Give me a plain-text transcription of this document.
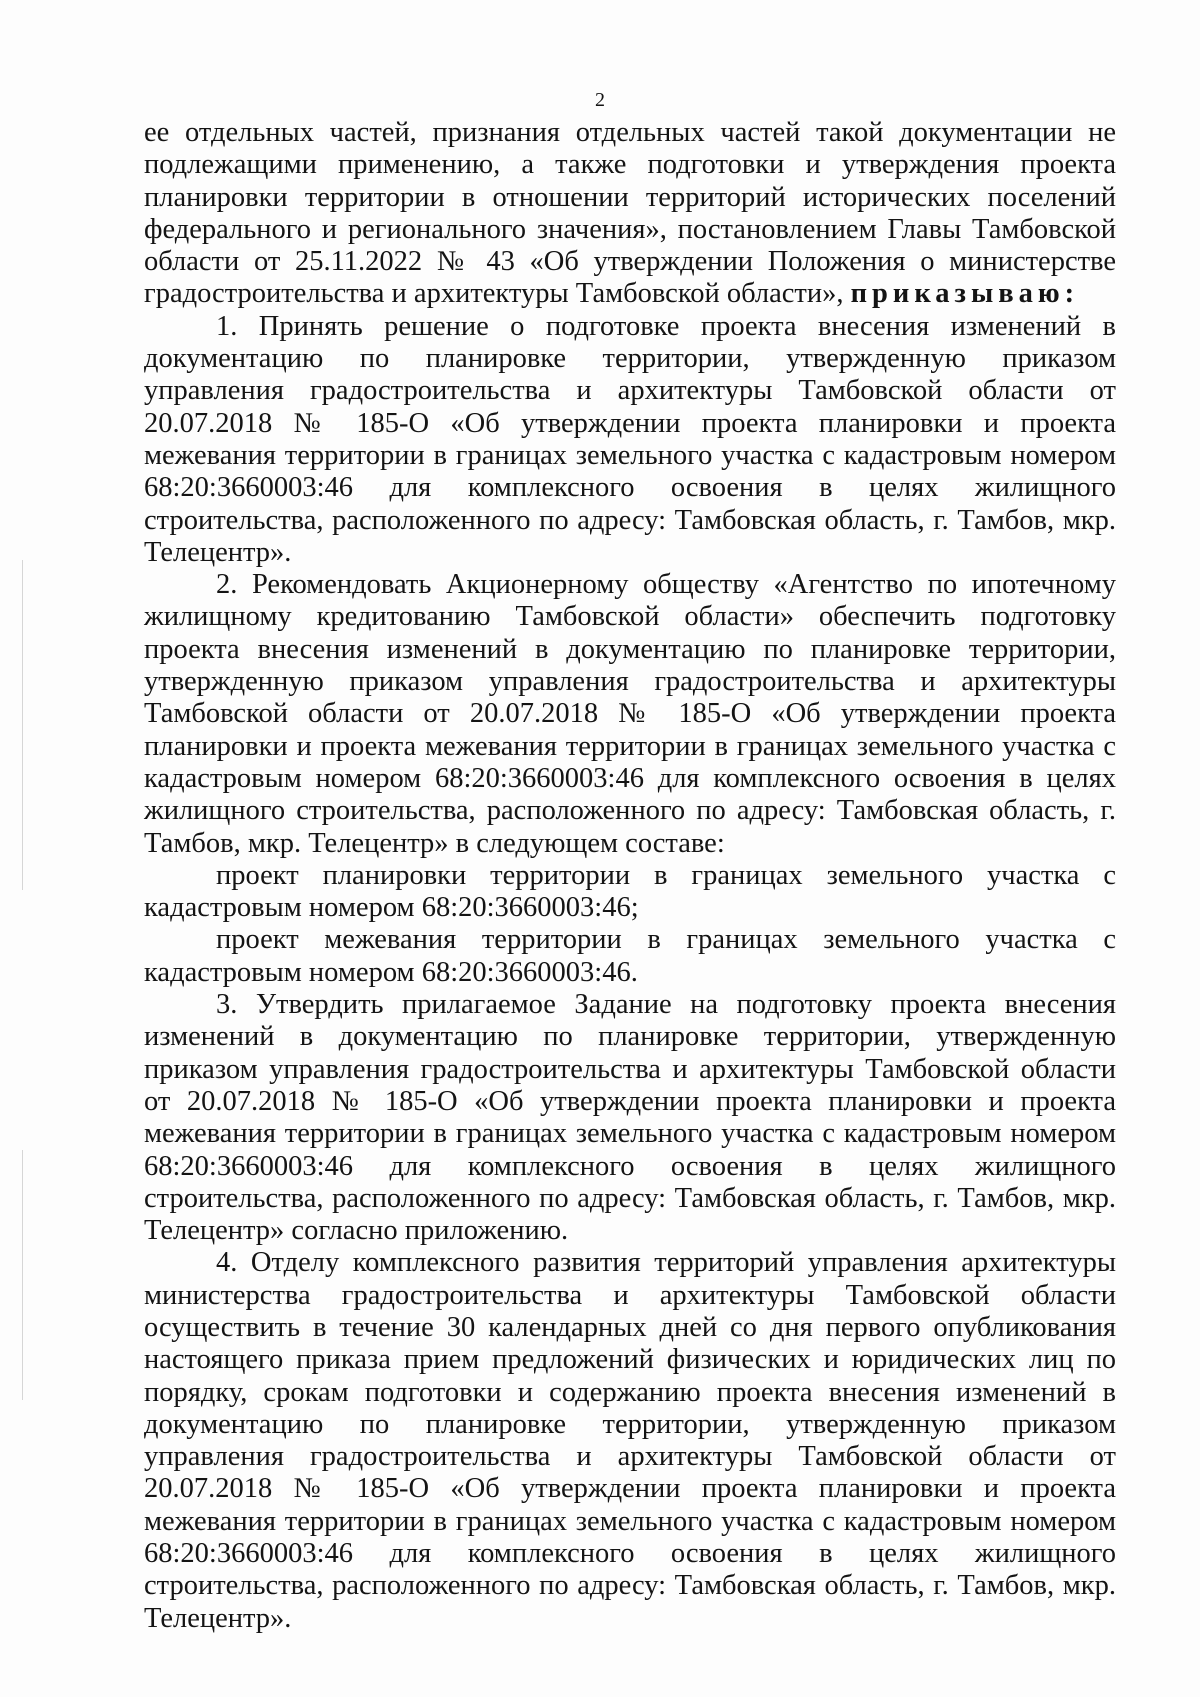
2

ее отдельных частей, признания отдельных частей такой документации не подлежащими применению, а также подготовки и утверждения проекта планировки территории в отношении территорий исторических поселений федерального и регионального значения», постановлением Главы Тамбовской области от 25.11.2022 № 43 «Об утверждении Положения о министерстве градостроительства и архитектуры Тамбовской области», приказываю:

1. Принять решение о подготовке проекта внесения изменений в документацию по планировке территории, утвержденную приказом управления градостроительства и архитектуры Тамбовской области от 20.07.2018 № 185-О «Об утверждении проекта планировки и проекта межевания территории в границах земельного участка с кадастровым номером 68:20:3660003:46 для комплексного освоения в целях жилищного строительства, расположенного по адресу: Тамбовская область, г. Тамбов, мкр. Телецентр».

2. Рекомендовать Акционерному обществу «Агентство по ипотечному жилищному кредитованию Тамбовской области» обеспечить подготовку проекта внесения изменений в документацию по планировке территории, утвержденную приказом управления градостроительства и архитектуры Тамбовской области от 20.07.2018 № 185-О «Об утверждении проекта планировки и проекта межевания территории в границах земельного участка с кадастровым номером 68:20:3660003:46 для комплексного освоения в целях жилищного строительства, расположенного по адресу: Тамбовская область, г. Тамбов, мкр. Телецентр» в следующем составе:

проект планировки территории в границах земельного участка с кадастровым номером 68:20:3660003:46;

проект межевания территории в границах земельного участка с кадастровым номером 68:20:3660003:46.

3. Утвердить прилагаемое Задание на подготовку проекта внесения изменений в документацию по планировке территории, утвержденную приказом управления градостроительства и архитектуры Тамбовской области от 20.07.2018 № 185-О «Об утверждении проекта планировки и проекта межевания территории в границах земельного участка с кадастровым номером 68:20:3660003:46 для комплексного освоения в целях жилищного строительства, расположенного по адресу: Тамбовская область, г. Тамбов, мкр. Телецентр» согласно приложению.

4. Отделу комплексного развития территорий управления архитектуры министерства градостроительства и архитектуры Тамбовской области осуществить в течение 30 календарных дней со дня первого опубликования настоящего приказа прием предложений физических и юридических лиц по порядку, срокам подготовки и содержанию проекта внесения изменений в документацию по планировке территории, утвержденную приказом управления градостроительства и архитектуры Тамбовской области от 20.07.2018 № 185-О «Об утверждении проекта планировки и проекта межевания территории в границах земельного участка с кадастровым номером 68:20:3660003:46 для комплексного освоения в целях жилищного строительства, расположенного по адресу: Тамбовская область, г. Тамбов, мкр. Телецентр».
